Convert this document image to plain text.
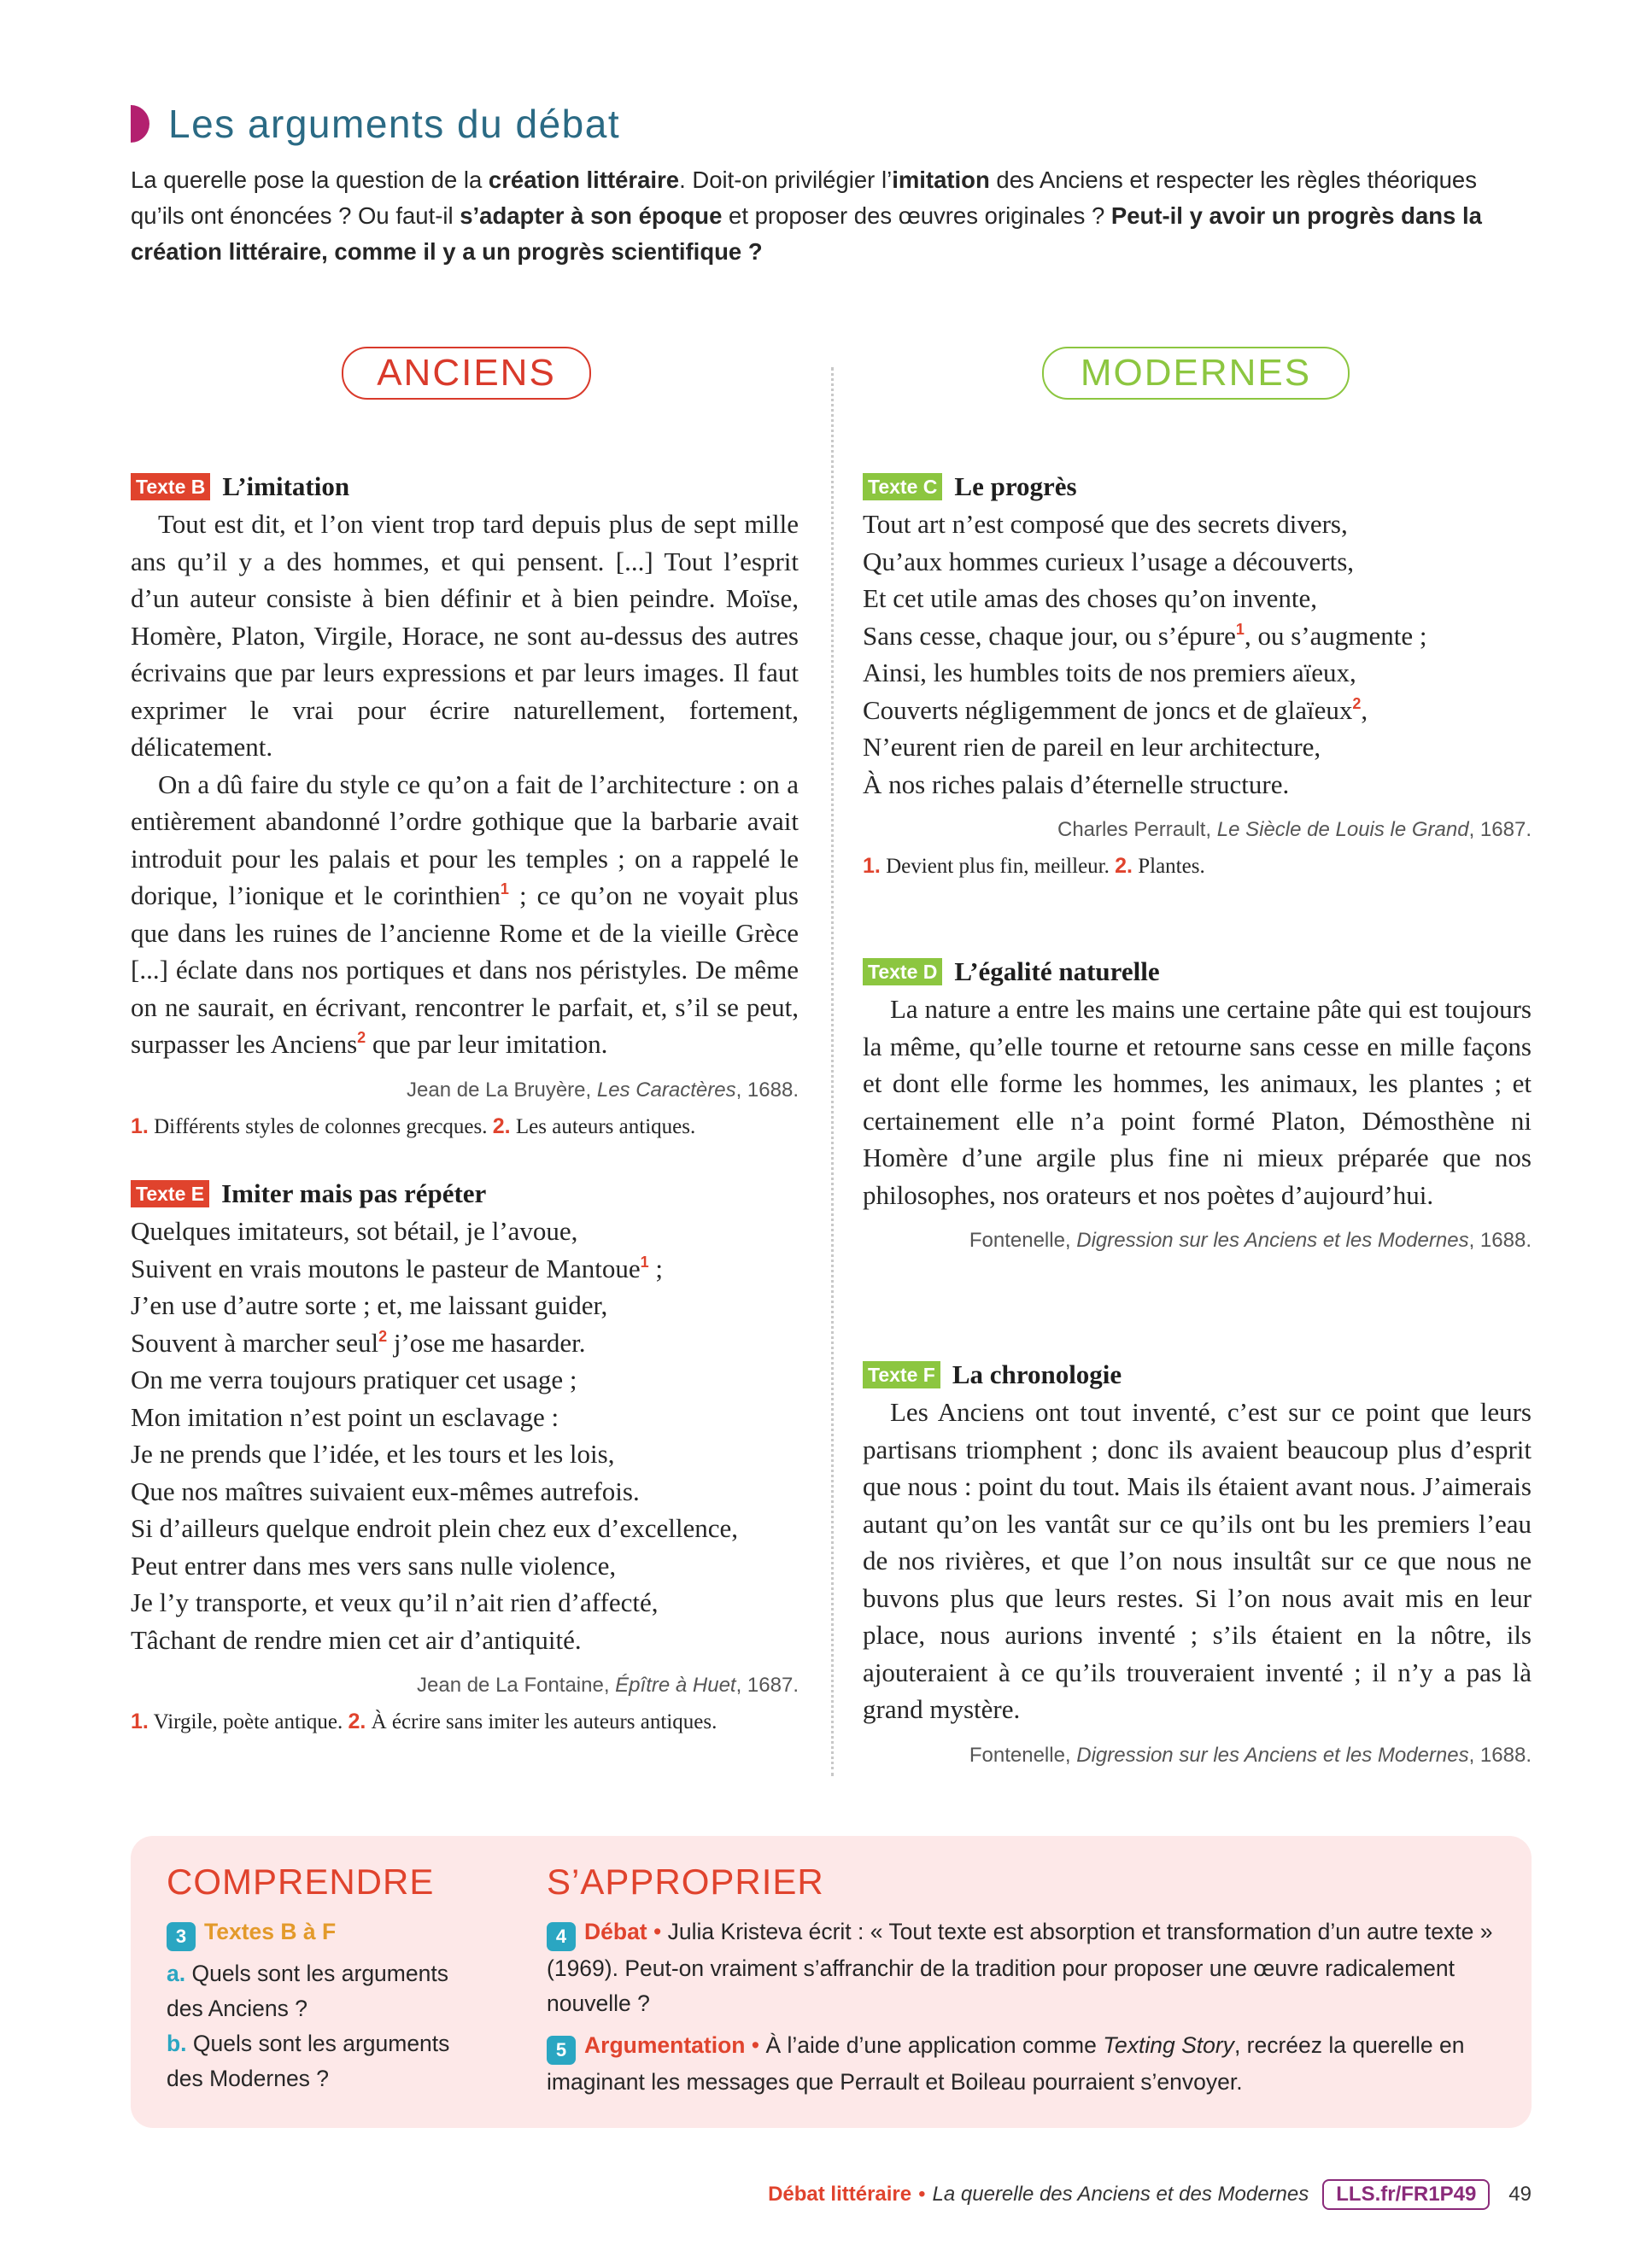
Les arguments du débat
La querelle pose la question de la création littéraire. Doit-on privilégier l’imitation des Anciens et respecter les règles théoriques qu’ils ont énoncées ? Ou faut-il s’adapter à son époque et proposer des œuvres originales ? Peut-il y avoir un progrès dans la création littéraire, comme il y a un progrès scientifique ?
ANCIENS	MODERNES
Texte B L’imitation

Tout est dit, et l’on vient trop tard depuis plus de sept mille ans qu’il y a des hommes, et qui pensent. [...] Tout l’esprit d’un auteur consiste à bien définir et à bien peindre. Moïse, Homère, Platon, Virgile, Horace, ne sont au-dessus des autres écrivains que par leurs expressions et par leurs images. Il faut exprimer le vrai pour écrire naturellement, fortement, délicatement.

On a dû faire du style ce qu’on a fait de l’architecture : on a entièrement abandonné l’ordre gothique que la barbarie avait introduit pour les palais et pour les temples ; on a rappelé le dorique, l’ionique et le corinthien$^1$ ; ce qu’on ne voyait plus que dans les ruines de l’ancienne Rome et de la vieille Grèce [...] éclate dans nos portiques et dans nos péristyles. De même on ne saurait, en écrivant, rencontrer le parfait, et, s’il se peut, surpasser les Anciens$^2$ que par leur imitation.

Jean de La Bruyère, Les Caractères, 1688.
1. Différents styles de colonnes grecques. 2. Les auteurs antiques.
Texte E Imiter mais pas répéter

Quelques imitateurs, sot bétail, je l’avoue,

Suivent en vrais moutons le pasteur de Mantoue$^1$ ;

J’en use d’autre sorte ; et, me laissant guider,

Souvent à marcher seul$^2$ j’ose me hasarder.

On me verra toujours pratiquer cet usage ;

Mon imitation n’est point un esclavage :

Je ne prends que l’idée, et les tours et les lois,

Que nos maîtres suivaient eux-mêmes autrefois.

Si d’ailleurs quelque endroit plein chez eux d’excellence,

Peut entrer dans mes vers sans nulle violence,

Je l’y transporte, et veux qu’il n’ait rien d’affecté,

Tâchant de rendre mien cet air d’antiquité.

Jean de La Fontaine, Épître à Huet, 1687.
1. Virgile, poète antique. 2. À écrire sans imiter les auteurs antiques.
Texte C Le progrès

Tout art n’est composé que des secrets divers,

Qu’aux hommes curieux l’usage a découverts,

Et cet utile amas des choses qu’on invente,

Sans cesse, chaque jour, ou s’épure$^1$, ou s’augmente ;

Ainsi, les humbles toits de nos premiers aïeux,

Couverts négligemment de joncs et de glaïeux$^2$,

N’eurent rien de pareil en leur architecture,

À nos riches palais d’éternelle structure.

Charles Perrault, Le Siècle de Louis le Grand, 1687.
1. Devient plus fin, meilleur. 2. Plantes.
Texte D L’égalité naturelle

La nature a entre les mains une certaine pâte qui est toujours la même, qu’elle tourne et retourne sans cesse en mille façons et dont elle forme les hommes, les animaux, les plantes ; et certainement elle n’a point formé Platon, Démosthène ni Homère d’une argile plus fine ni mieux préparée que nos philosophes, nos orateurs et nos poètes d’aujourd’hui.

Fontenelle, Digression sur les Anciens et les Modernes, 1688.
Texte F La chronologie

Les Anciens ont tout inventé, c’est sur ce point que leurs partisans triomphent ; donc ils avaient beaucoup plus d’esprit que nous : point du tout. Mais ils étaient avant nous. J’aimerais autant qu’on les vantât sur ce qu’ils ont bu les premiers l’eau de nos rivières, et que l’on nous insultât sur ce que nous ne buvons plus que leurs restes. Si l’on nous avait mis en leur place, nous aurions inventé ; s’ils étaient en la nôtre, ils ajouteraient à ce qu’ils trouveraient inventé ; il n’y a pas là grand mystère.

Fontenelle, Digression sur les Anciens et les Modernes, 1688.
COMPRENDRE
3 Textes B à F
a. Quels sont les arguments des Anciens ?
b. Quels sont les arguments des Modernes ?
S’APPROPRIER
4 Débat • Julia Kristeva écrit : « Tout texte est absorption et transformation d’un autre texte » (1969). Peut-on vraiment s’affranchir de la tradition pour proposer une œuvre radicalement nouvelle ?
5 Argumentation • À l’aide d’une application comme Texting Story, recréez la querelle en imaginant les messages que Perrault et Boileau pourraient s’envoyer.
Débat littéraire • La querelle des Anciens et des Modernes	LLS.fr/FR1P49	49
